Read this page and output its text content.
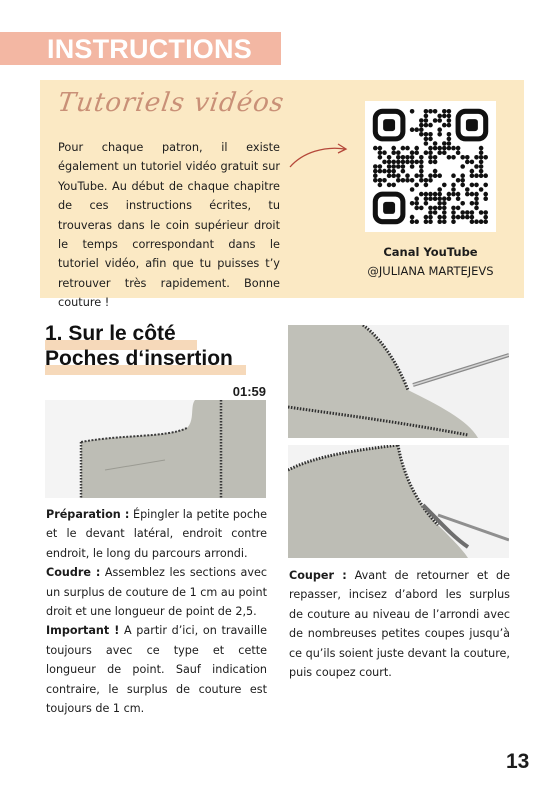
INSTRUCTIONS
Tutoriels vidéos
Pour chaque patron, il existe également un tutoriel vidéo gratuit sur YouTube. Au début de chaque chapitre de ces instructions écrites, tu trouveras dans le coin supérieur droit le temps correspondant dans le tutoriel vidéo, afin que tu puisses t’y retrouver très rapidement. Bonne couture !
Canal YouTube
@JULIANA MARTEJEVS
1. Sur le côté
Poches d‘insertion
01:59
Préparation : Épingler la petite poche et le devant latéral, endroit contre endroit, le long du parcours arrondi.
Coudre : Assemblez les sections avec un surplus de couture de 1 cm au point droit et une longueur de point de 2,5.
Important ! A partir d’ici, on travaille toujours avec ce type et cette longueur de point. Sauf indication contraire, le surplus de couture est toujours de 1 cm.
Couper : Avant de retourner et de repasser, incisez d’abord les surplus de couture au niveau de l’arrondi avec de nombreuses petites coupes jusqu’à ce qu’ils soient juste devant la couture, puis coupez court.
13
